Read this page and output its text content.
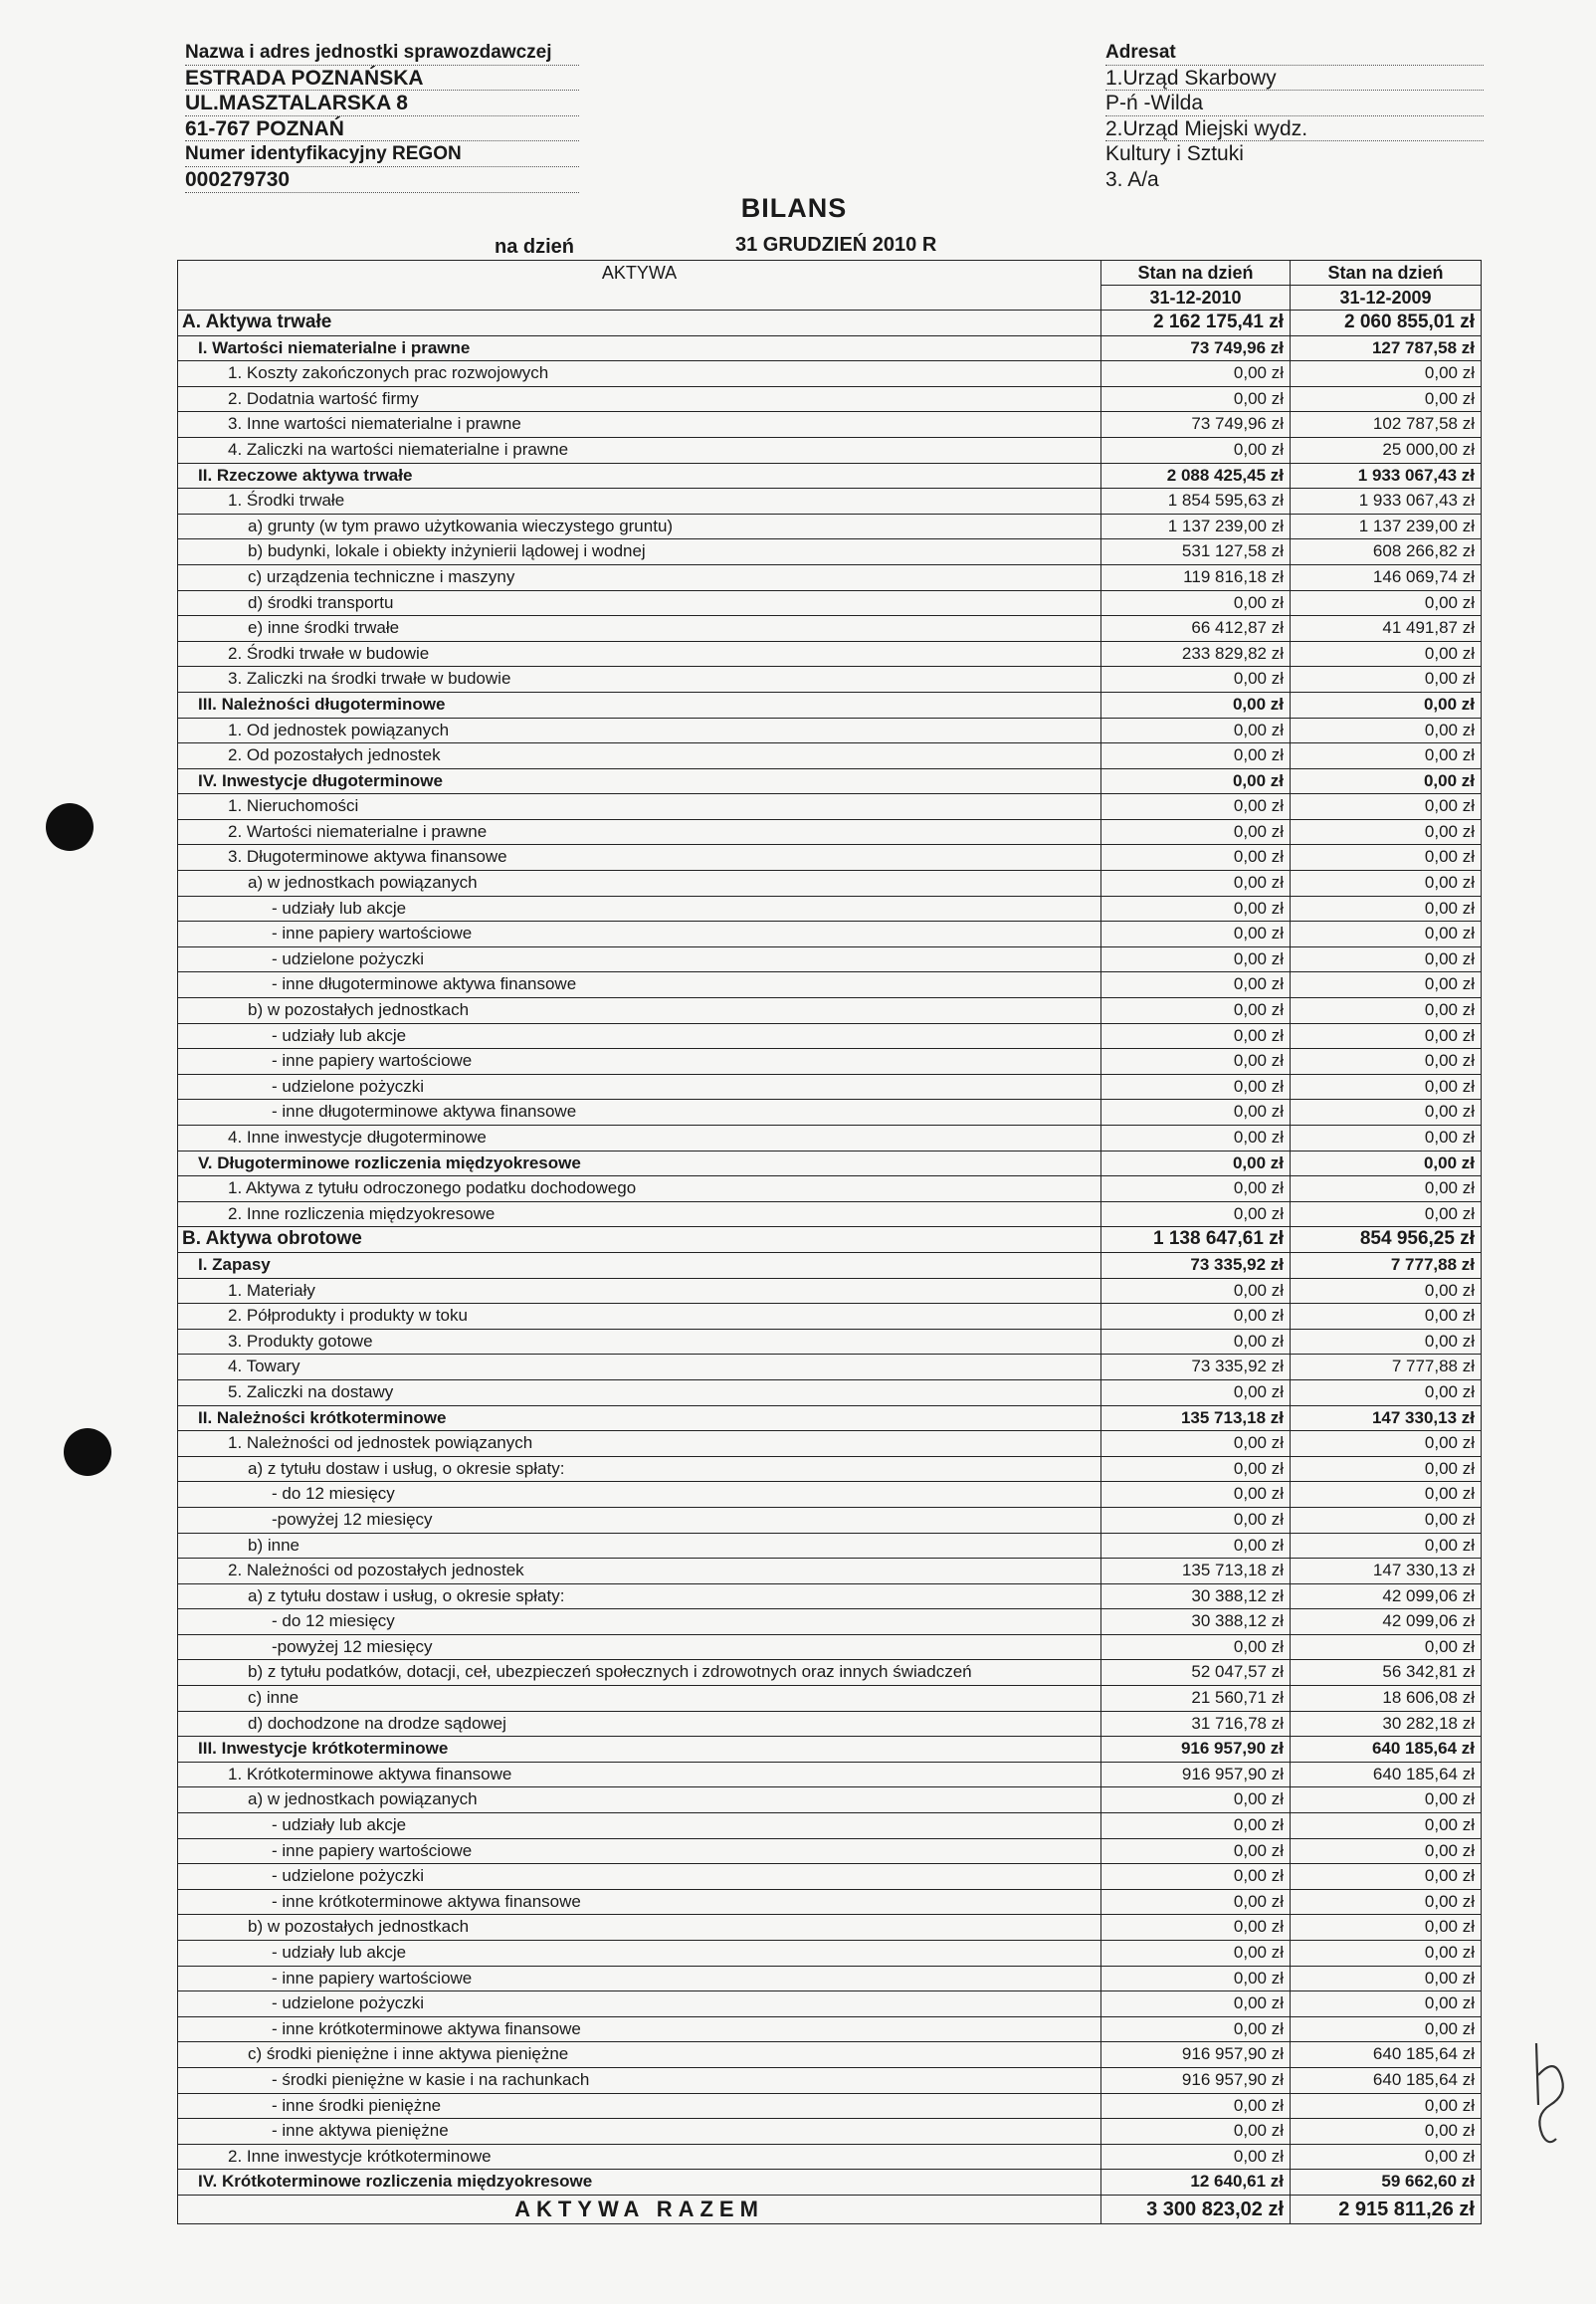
Nazwa i adres jednostki sprawozdawczej
ESTRADA POZNAŃSKA
UL.MASZTALARSKA 8
61-767 POZNAŃ
Numer identyfikacyjny REGON
000279730
Adresat
1.Urząd Skarbowy
P-ń -Wilda
2.Urząd Miejski wydz.
Kultury i Sztuki
3. A/a
BILANS
na dzień	31 GRUDZIEŃ 2010 R
AKTYWA	Stan na dzień	Stan na dzień
	31-12-2010	31-12-2009
A. Aktywa trwałe	2 162 175,41 zł	2 060 855,01 zł
I. Wartości niematerialne i prawne	73 749,96 zł	127 787,58 zł
1. Koszty zakończonych prac rozwojowych	0,00 zł	0,00 zł
2. Dodatnia wartość firmy	0,00 zł	0,00 zł
3. Inne wartości niematerialne i prawne	73 749,96 zł	102 787,58 zł
4. Zaliczki na wartości niematerialne i prawne	0,00 zł	25 000,00 zł
II. Rzeczowe aktywa trwałe	2 088 425,45 zł	1 933 067,43 zł
1. Środki trwałe	1 854 595,63 zł	1 933 067,43 zł
a) grunty (w tym prawo użytkowania wieczystego gruntu)	1 137 239,00 zł	1 137 239,00 zł
b) budynki, lokale i obiekty inżynierii lądowej i wodnej	531 127,58 zł	608 266,82 zł
c) urządzenia techniczne i maszyny	119 816,18 zł	146 069,74 zł
d) środki transportu	0,00 zł	0,00 zł
e) inne środki trwałe	66 412,87 zł	41 491,87 zł
2. Środki trwałe w budowie	233 829,82 zł	0,00 zł
3. Zaliczki na środki trwałe w budowie	0,00 zł	0,00 zł
III. Należności długoterminowe	0,00 zł	0,00 zł
1. Od jednostek powiązanych	0,00 zł	0,00 zł
2. Od pozostałych jednostek	0,00 zł	0,00 zł
IV. Inwestycje długoterminowe	0,00 zł	0,00 zł
1. Nieruchomości	0,00 zł	0,00 zł
2. Wartości niematerialne i prawne	0,00 zł	0,00 zł
3. Długoterminowe aktywa finansowe	0,00 zł	0,00 zł
a) w jednostkach powiązanych	0,00 zł	0,00 zł
- udziały lub akcje	0,00 zł	0,00 zł
- inne papiery wartościowe	0,00 zł	0,00 zł
- udzielone pożyczki	0,00 zł	0,00 zł
- inne długoterminowe aktywa finansowe	0,00 zł	0,00 zł
b) w pozostałych jednostkach	0,00 zł	0,00 zł
- udziały lub akcje	0,00 zł	0,00 zł
- inne papiery wartościowe	0,00 zł	0,00 zł
- udzielone pożyczki	0,00 zł	0,00 zł
- inne długoterminowe aktywa finansowe	0,00 zł	0,00 zł
4. Inne inwestycje długoterminowe	0,00 zł	0,00 zł
V. Długoterminowe rozliczenia międzyokresowe	0,00 zł	0,00 zł
1. Aktywa z tytułu odroczonego podatku dochodowego	0,00 zł	0,00 zł
2. Inne rozliczenia międzyokresowe	0,00 zł	0,00 zł
B. Aktywa obrotowe	1 138 647,61 zł	854 956,25 zł
I. Zapasy	73 335,92 zł	7 777,88 zł
1. Materiały	0,00 zł	0,00 zł
2. Półprodukty i produkty w toku	0,00 zł	0,00 zł
3. Produkty gotowe	0,00 zł	0,00 zł
4. Towary	73 335,92 zł	7 777,88 zł
5. Zaliczki na dostawy	0,00 zł	0,00 zł
II. Należności krótkoterminowe	135 713,18 zł	147 330,13 zł
1. Należności od jednostek powiązanych	0,00 zł	0,00 zł
a) z tytułu dostaw i usług, o okresie spłaty:	0,00 zł	0,00 zł
- do 12 miesięcy	0,00 zł	0,00 zł
-powyżej 12 miesięcy	0,00 zł	0,00 zł
b) inne	0,00 zł	0,00 zł
2. Należności od pozostałych jednostek	135 713,18 zł	147 330,13 zł
a) z tytułu dostaw i usług, o okresie spłaty:	30 388,12 zł	42 099,06 zł
- do 12 miesięcy	30 388,12 zł	42 099,06 zł
-powyżej 12 miesięcy	0,00 zł	0,00 zł
b) z tytułu podatków, dotacji, ceł, ubezpieczeń społecznych i zdrowotnych oraz innych świadczeń	52 047,57 zł	56 342,81 zł
c) inne	21 560,71 zł	18 606,08 zł
d) dochodzone na drodze sądowej	31 716,78 zł	30 282,18 zł
III. Inwestycje krótkoterminowe	916 957,90 zł	640 185,64 zł
1. Krótkoterminowe aktywa finansowe	916 957,90 zł	640 185,64 zł
a) w jednostkach powiązanych	0,00 zł	0,00 zł
- udziały lub akcje	0,00 zł	0,00 zł
- inne papiery wartościowe	0,00 zł	0,00 zł
- udzielone pożyczki	0,00 zł	0,00 zł
- inne krótkoterminowe aktywa finansowe	0,00 zł	0,00 zł
b) w pozostałych jednostkach	0,00 zł	0,00 zł
- udziały lub akcje	0,00 zł	0,00 zł
- inne papiery wartościowe	0,00 zł	0,00 zł
- udzielone pożyczki	0,00 zł	0,00 zł
- inne krótkoterminowe aktywa finansowe	0,00 zł	0,00 zł
c) środki pieniężne i inne aktywa pieniężne	916 957,90 zł	640 185,64 zł
- środki pieniężne w kasie i na rachunkach	916 957,90 zł	640 185,64 zł
- inne środki pieniężne	0,00 zł	0,00 zł
- inne aktywa pieniężne	0,00 zł	0,00 zł
2. Inne inwestycje krótkoterminowe	0,00 zł	0,00 zł
IV. Krótkoterminowe rozliczenia międzyokresowe	12 640,61 zł	59 662,60 zł
AKTYWA RAZEM	3 300 823,02 zł	2 915 811,26 zł
